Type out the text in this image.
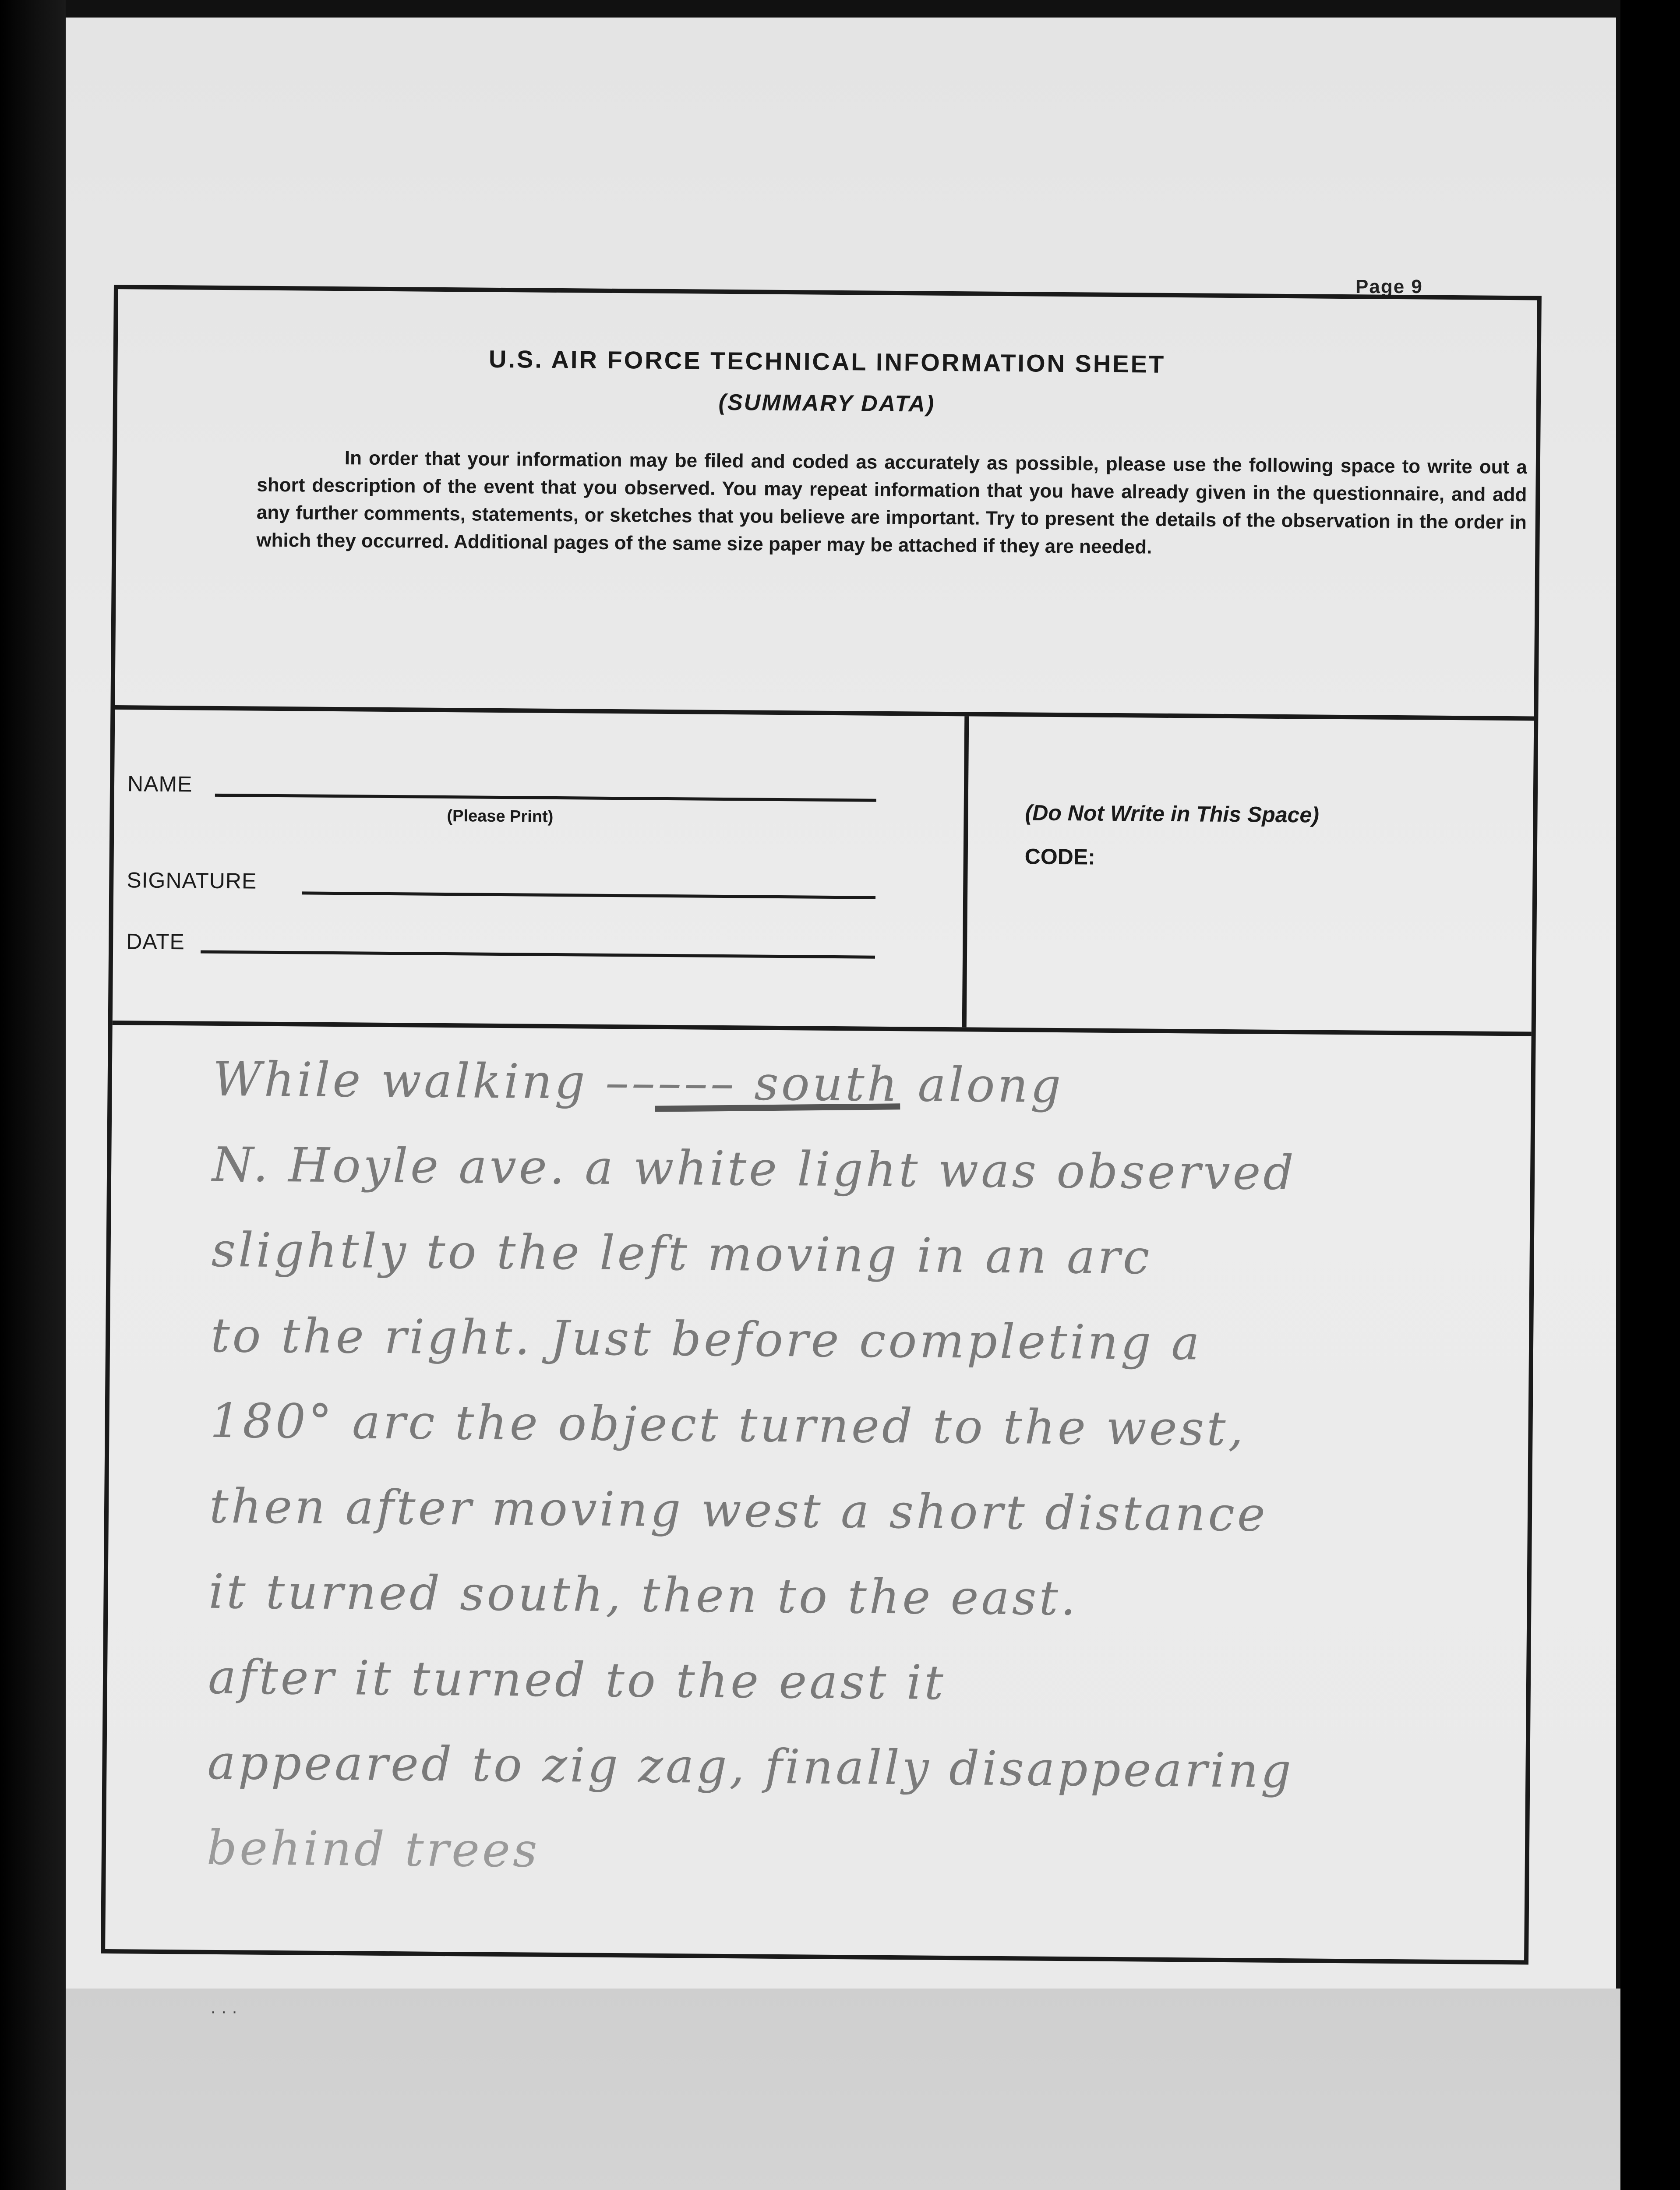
Page 9
U.S. AIR FORCE TECHNICAL INFORMATION SHEET
(SUMMARY DATA)
In order that your information may be filed and coded as accurately as possible, please use the following space to write out a short description of the event that you observed. You may repeat information that you have already given in the questionnaire, and add any further comments, statements, or sketches that you believe are important. Try to present the details of the observation in the order in which they occurred. Additional pages of the same size paper may be attached if they are needed.
NAME
(Please Print)
SIGNATURE
DATE
(Do Not Write in This Space)
CODE:
While walking ––––– south along
N. Hoyle ave. a white light was observed
slightly to the left moving in an arc
to the right. Just before completing a
180° arc the object turned to the west,
then after moving west a short distance
it turned south, then to the east.
after it turned to the east it
appeared to zig zag, finally disappearing
behind trees
· · ·
